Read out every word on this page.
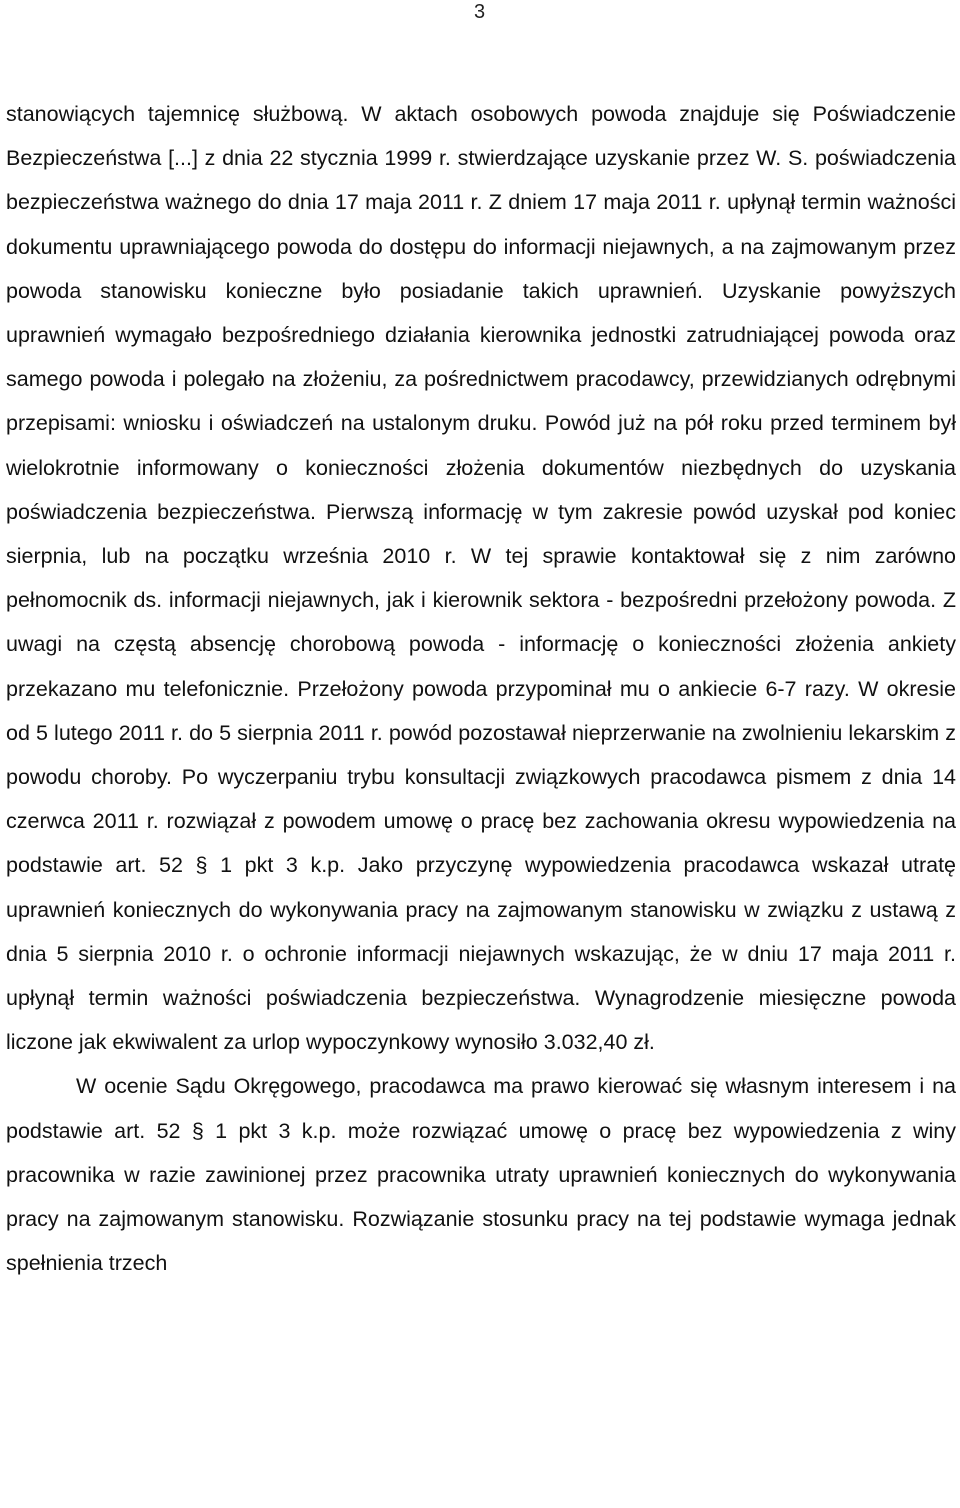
3

stanowiących tajemnicę służbową. W aktach osobowych powoda znajduje się Poświadczenie Bezpieczeństwa [...] z dnia 22 stycznia 1999 r. stwierdzające uzyskanie przez W. S. poświadczenia bezpieczeństwa ważnego do dnia 17 maja 2011 r. Z dniem 17 maja 2011 r. upłynął termin ważności dokumentu uprawniającego powoda do dostępu do informacji niejawnych, a na zajmowanym przez powoda stanowisku konieczne było posiadanie takich uprawnień. Uzyskanie powyższych uprawnień wymagało bezpośredniego działania kierownika jednostki zatrudniającej powoda oraz samego powoda i polegało na złożeniu, za pośrednictwem pracodawcy, przewidzianych odrębnymi przepisami: wniosku i oświadczeń na ustalonym druku. Powód już na pół roku przed terminem był wielokrotnie informowany o konieczności złożenia dokumentów niezbędnych do uzyskania poświadczenia bezpieczeństwa. Pierwszą informację w tym zakresie powód uzyskał pod koniec sierpnia, lub na początku września 2010 r. W tej sprawie kontaktował się z nim zarówno pełnomocnik ds. informacji niejawnych, jak i kierownik sektora - bezpośredni przełożony powoda. Z uwagi na częstą absencję chorobową powoda - informację o konieczności złożenia ankiety przekazano mu telefonicznie. Przełożony powoda przypominał mu o ankiecie 6-7 razy. W okresie od 5 lutego 2011 r. do 5 sierpnia 2011 r. powód pozostawał nieprzerwanie na zwolnieniu lekarskim z powodu choroby. Po wyczerpaniu trybu konsultacji związkowych pracodawca pismem z dnia 14 czerwca 2011 r. rozwiązał z powodem umowę o pracę bez zachowania okresu wypowiedzenia na podstawie art. 52 § 1 pkt 3 k.p. Jako przyczynę wypowiedzenia pracodawca wskazał utratę uprawnień koniecznych do wykonywania pracy na zajmowanym stanowisku w związku z ustawą z dnia 5 sierpnia 2010 r. o ochronie informacji niejawnych wskazując, że w dniu 17 maja 2011 r. upłynął termin ważności poświadczenia bezpieczeństwa. Wynagrodzenie miesięczne powoda liczone jak ekwiwalent za urlop wypoczynkowy wynosiło 3.032,40 zł.

W ocenie Sądu Okręgowego, pracodawca ma prawo kierować się własnym interesem i na podstawie art. 52 § 1 pkt 3 k.p. może rozwiązać umowę o pracę bez wypowiedzenia z winy pracownika w razie zawinionej przez pracownika utraty uprawnień koniecznych do wykonywania pracy na zajmowanym stanowisku. Rozwiązanie stosunku pracy na tej podstawie wymaga jednak spełnienia trzech
